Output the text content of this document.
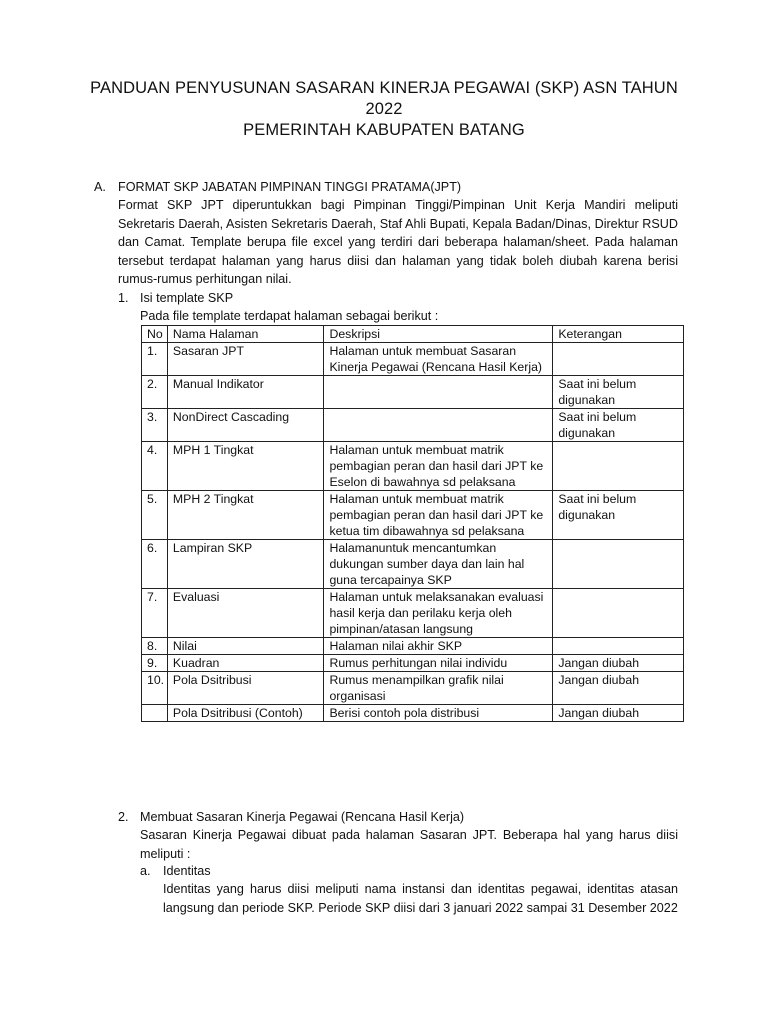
PANDUAN PENYUSUNAN SASARAN KINERJA PEGAWAI (SKP) ASN TAHUN
2022
PEMERINTAH KABUPATEN BATANG
A. FORMAT SKP JABATAN PIMPINAN TINGGI PRATAMA(JPT)
Format SKP JPT diperuntukkan bagi Pimpinan Tinggi/Pimpinan Unit Kerja Mandiri meliputi Sekretaris Daerah, Asisten Sekretaris Daerah, Staf Ahli Bupati, Kepala Badan/Dinas, Direktur RSUD dan Camat. Template berupa file excel yang terdiri dari beberapa halaman/sheet. Pada halaman tersebut terdapat halaman yang harus diisi dan halaman yang tidak boleh diubah karena berisi rumus-rumus perhitungan nilai.
1. Isi template SKP
Pada file template terdapat halaman sebagai berikut :
No	Nama Halaman	Deskripsi	Keterangan
1.	Sasaran JPT	Halaman untuk membuat Sasaran Kinerja Pegawai (Rencana Hasil Kerja)	
2.	Manual Indikator		Saat ini belum digunakan
3.	NonDirect Cascading		Saat ini belum digunakan
4.	MPH 1 Tingkat	Halaman untuk membuat matrik pembagian peran dan hasil dari JPT ke Eselon di bawahnya sd pelaksana	
5.	MPH 2 Tingkat	Halaman untuk membuat matrik pembagian peran dan hasil dari JPT ke ketua tim dibawahnya sd pelaksana	Saat ini belum digunakan
6.	Lampiran SKP	Halamanuntuk mencantumkan dukungan sumber daya dan lain hal guna tercapainya SKP	
7.	Evaluasi	Halaman untuk melaksanakan evaluasi hasil kerja dan perilaku kerja oleh pimpinan/atasan langsung	
8.	Nilai	Halaman nilai akhir SKP	
9.	Kuadran	Rumus perhitungan nilai individu	Jangan diubah
10.	Pola Dsitribusi	Rumus menampilkan grafik nilai organisasi	Jangan diubah
	Pola Dsitribusi (Contoh)	Berisi contoh pola distribusi	Jangan diubah
2. Membuat Sasaran Kinerja Pegawai (Rencana Hasil Kerja)
Sasaran Kinerja Pegawai dibuat pada halaman Sasaran JPT. Beberapa hal yang harus diisi meliputi :
a. Identitas
Identitas yang harus diisi meliputi nama instansi dan identitas pegawai, identitas atasan langsung dan periode SKP. Periode SKP diisi dari 3 januari 2022 sampai 31 Desember 2022
